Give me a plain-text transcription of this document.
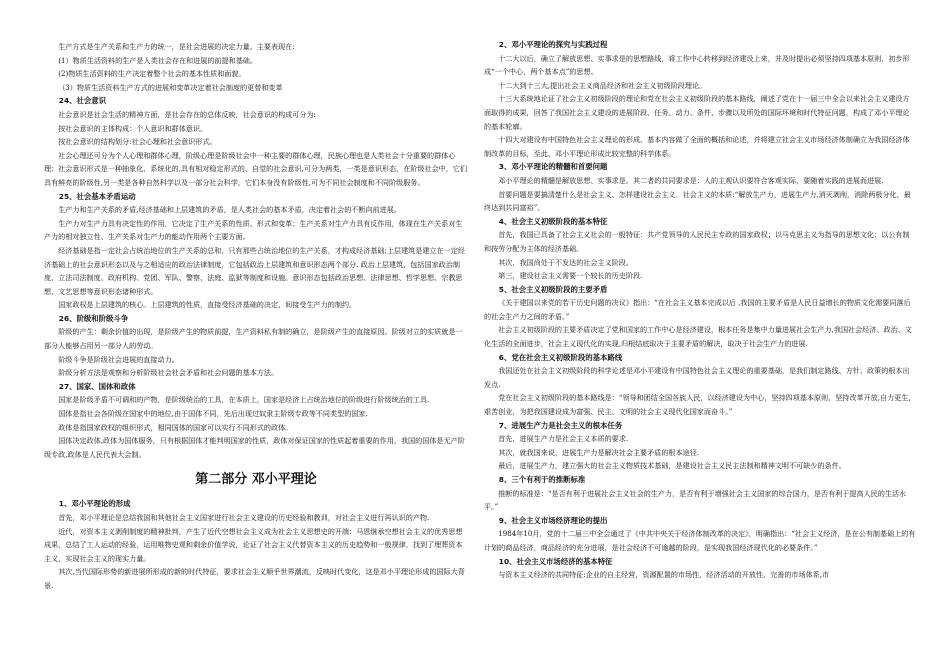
生产方式是生产关系和生产力的统一，是社会进展的决定力量。主要表现在:

(1）物质生活资料的生产是人类社会存在和进展的前提和基础。

(2)物质生活资料的生产决定着整个社会的基本性质和面貌。

（3）物质生活资料生产方式的进展和变革决定着社会制度的更替和变革

24、社会意识

社会意识是社会生活的精神方面，是社会存在的总体反映，社会意识的构成可分为:

按社会意识的主体构成：个人意识和群体意识。

按社会意识的结构划分:社会心理和社会意识形式。

社会心理还可分为个人心理和群体心理，阶级心理是阶级社会中一种主要的群体心理，民族心理也是人类社会十分重要的群体心理；社会意识形式是一种抽象化、系统化的,具有相对稳定形式的、自觉的社会意识,可分为两类，一类是意识形态，在阶级社会中，它们具有鲜亮的阶级性,另一类是各种自然科学以及一部分社会科学，它们本身没有阶级性,可为不同社会制度和不同阶级服务。

25、社会基本矛盾运动

生产力和生产关系的矛盾,经济基础和上层建筑的矛盾，是人类社会的基本矛盾，决定着社会的不断向前进展。

生产力对生产力具有决定性的作用，它决定了生产关系的性质、形式和变革；生产关系对生产力具有反作用，体现在生产关系对生产力的相对独立性、生产关系对生产力的能动作用两个主要方面。

经济基础是指一定社会占统治地位的生产关系的总和，只有那些占统治地位的生产关系，才构成经济基础;上层建筑是建立在一定经济基础上的社会意识形态以及与之相适应的政治法律制度，它包括政治上层建筑和意识形态两个部分. 政治上层建筑，包括国家政治制度、立法司法制度、政府机构、党团、军队、警察、法庭、监狱等制度和设施。意识形态包括政治思想、法律思想、哲学思想、宗教思想、文艺思想等意识形态诸种形式。

国家政权是上层建筑的核心。上层建筑的性质，直接受经济基础的决定，间接受生产力的制约。

26、阶级和阶级斗争

阶级的产生：剩余价值的出现，是阶级产生的物质前提，生产资料私有制的确立，是阶级产生的直接原因。阶级对立的实质就是一部分人能够占用另一部分人的劳动。

阶级斗争是阶级社会进展的直接动力。

阶级分析方法是观察和分析阶级社会社会矛盾和社会问题的基本方法。

27、国家、国体和政体

国家是阶级矛盾不可调和的产物，是阶级统治的工具，在本质上，国家是经济上占统治地位的阶级进行阶级统治的工具.

国体是指社会各阶级在国家中的地位,由于国体不同，先后出现过奴隶主阶级专政等不同类型的国家.

政体是指国家政权的组织形式，相同国体的国家可以实行不同形式的政体。

国体决定政体,政体为国体服务，只有根据国体才能判明国家的性质，政体对保证国家的性质起着重要的作用，我国的国体是无产阶级专政,政体是人民代表大会制。

第二部分 邓小平理论

1、邓小平理论的形成

首先，邓小平理论是总结我国和其他社会主义国家进行社会主义建设的历史经验和教训，对社会主义进行再认识的产物.

近代，对资本主义剥削制度的精神批判，产生了近代空想社会主义成为社会主义思想史的开端：马恩继承空想社会主义的优秀思想成果，总结了工人运动的经验，运用唯物史观和剩余价值学说，论证了社会主义代替资本主义的历史趋势和一般规律，找到了埋葬资本主义，实现社会主义的现实力量。

其次,当代国际形势的新进展所形成的新的时代特征，要求社会主义顺乎世界潮流，反映时代变化，这是邓小平理论形成的国际大背景.

2、邓小平理论的探究与实践过程

十二大以后，确立了解放思想、实事求是的思想路线，将工作中心转移到经济建设上来，并及时提出必须坚持四项基本原则，初步形成“一个中心，两个基本点”的思想。

十二大到十三大,提出社会主义商品经济和社会主义初级阶段理论。

十三大系统地论证了社会主义初级阶段的理论和党在社会主义初级阶段的基本路线，阐述了党在十一届三中全会以来社会主义建设方面取得的成果，回答了我国社会主义建设的进展阶段、任务、动力、条件、步骤以及所处的国际环境和时代特征问题，构成了邓小平理论的基本轮廓。

十四大对建设有中国特色社会主义理论的形成、基本内容做了全面的概括和论述，并将建立社会主义市场经济体制确立为我国经济体制改革的目标，至此，邓小平理论形成比较完整的科学体系。

3、邓小平理论的精髓和首要问题

邓小平理论的精髓是解放思想、实事求是。其二者的共同要求是：人的主观认识要符合客观实际，要随着实践的进展而进展.

首要问题是要搞清楚什么是社会主义、怎样建设社会主义．社会主义的本质:“解放生产力，进展生产力,消灭剥削，消除两极分化，最终达到共同富裕”。

4、社会主义初级阶段的基本特征

首先，我国已具备了社会主义社会的一般特征：共产党领导的人民民主专政的国家政权；以马克思主义为指导的思想文化；以公有制和按劳分配为主体的经济基础。

其次，我国尚处于不发达的社会主义阶段。

第三，建设社会主义需要一个较长的历史阶段.

5、社会主义初级阶段的主要矛盾

《关于建国以来党的若干历史问题的决议》指出：“在社会主义基本完成以后 ,我国的主要矛盾是人民日益增长的物质文化需要同落后的社会生产力之间的矛盾。”

社会主义初级阶段的主要矛盾决定了党和国家的工作中心是经济建设，根本任务是集中力量进展社会生产力,我国社会经济、政治、文化生活的全面进步，社会主义现代化的实现,归根结底取决于主要矛盾的解决，取决于社会生产力的进展.

6、党在社会主义初级阶段的基本路线

我国还处在社会主义初级阶段的科学论述是邓小平建设有中国特色社会主义理论的重要基础，是我们制定路线、方针、政策的根本出发点.

党在社会主义初级阶段的基本路线是：“领导和团结全国各族人民，以经济建设为中心，坚持四项基本原则，坚持改革开放,自力更生，艰苦创业，为把我国建设成为富强、民主、文明的社会主义现代化国家而奋斗。”

7、进展生产力是社会主义的根本任务

首先，进展生产力是社会主义本质的要求.

其次，就我国来说，进展生产力是解决社会主要矛盾的根本途径.

最后，进展生产力，建立强大的社会主义物质技术基础，是建设社会主义民主法制和精神文明不可缺少的条件。

8、三个有利于的推断标准

推断的标准是：“是否有利于进展社会主义社会的生产力，是否有利于增强社会主义国家的综合国力，是否有利于提高人民的生活水平。”

9、社会主义市场经济理论的提出

1984年10月，党的十二届三中全会通过了《中共中央关于经济体制改革的决定》，明确指出：“社会主义经济，是在公有制基础上的有计划的商品经济，商品经济的充分进展，是社会经济不可逾越的阶段，是实现我国经济现代化的必要条件。”

10、社会主义市场经济的基本特征

与资本主义经济的共同特征:企业的自主经营，资源配置的市场性，经济活动的开放性，完善的市场体系,市
